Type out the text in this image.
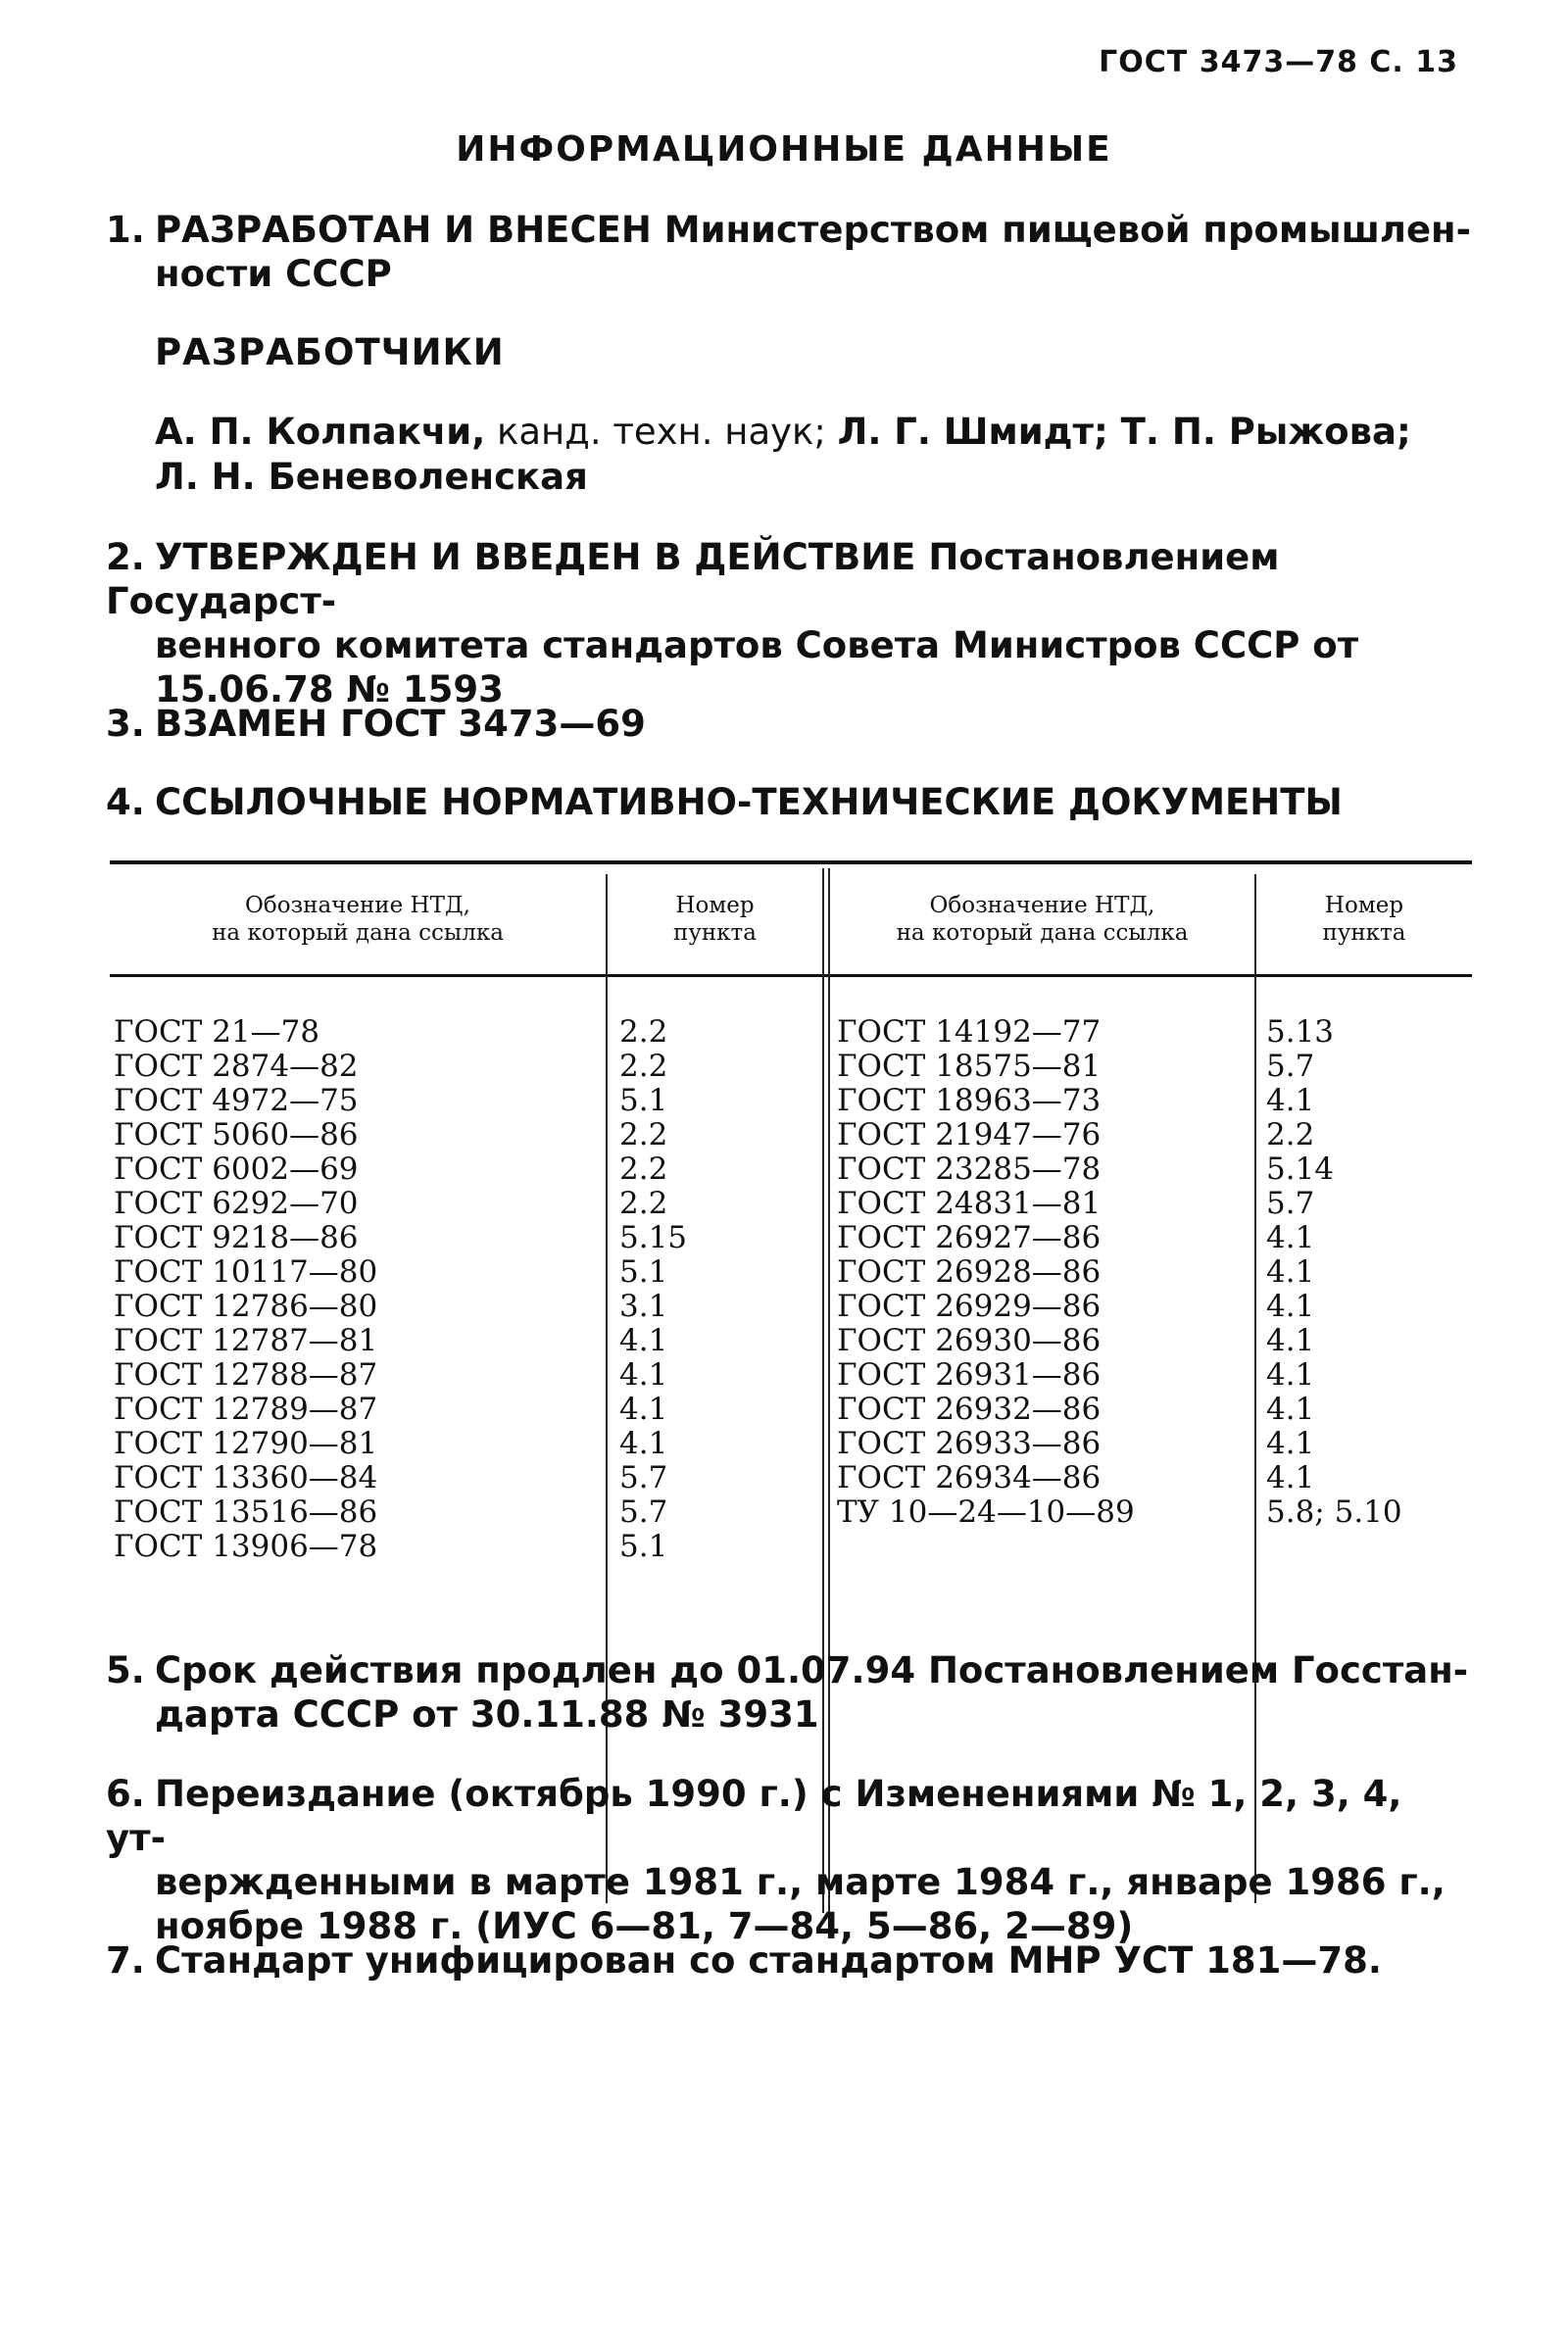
ГОСТ 3473—78 С. 13
ИНФОРМАЦИОННЫЕ ДАННЫЕ
1. РАЗРАБОТАН И ВНЕСЕН Министерством пищевой промышлен-
ности СССР
РАЗРАБОТЧИКИ
А. П. Колпакчи, канд. техн. наук; Л. Г. Шмидт; Т. П. Рыжова;
Л. Н. Беневоленская
2. УТВЕРЖДЕН И ВВЕДЕН В ДЕЙСТВИЕ Постановлением Государст-
венного комитета стандартов Совета Министров СССР от
15.06.78 № 1593
3. ВЗАМЕН ГОСТ 3473—69
4. ССЫЛОЧНЫЕ НОРМАТИВНО-ТЕХНИЧЕСКИЕ ДОКУМЕНТЫ
Обозначение НТД,
на который дана ссылка
Номер
пункта
Обозначение НТД,
на который дана ссылка
Номер
пункта
ГОСТ 21—78
ГОСТ 2874—82
ГОСТ 4972—75
ГОСТ 5060—86
ГОСТ 6002—69
ГОСТ 6292—70
ГОСТ 9218—86
ГОСТ 10117—80
ГОСТ 12786—80
ГОСТ 12787—81
ГОСТ 12788—87
ГОСТ 12789—87
ГОСТ 12790—81
ГОСТ 13360—84
ГОСТ 13516—86
ГОСТ 13906—78
2.2
2.2
5.1
2.2
2.2
2.2
5.15
5.1
3.1
4.1
4.1
4.1
4.1
5.7
5.7
5.1
ГОСТ 14192—77
ГОСТ 18575—81
ГОСТ 18963—73
ГОСТ 21947—76
ГОСТ 23285—78
ГОСТ 24831—81
ГОСТ 26927—86
ГОСТ 26928—86
ГОСТ 26929—86
ГОСТ 26930—86
ГОСТ 26931—86
ГОСТ 26932—86
ГОСТ 26933—86
ГОСТ 26934—86
ТУ 10—24—10—89
5.13
5.7
4.1
2.2
5.14
5.7
4.1
4.1
4.1
4.1
4.1
4.1
4.1
4.1
5.8; 5.10
5. Срок действия продлен до 01.07.94 Постановлением Госстан-
дарта СССР от 30.11.88 № 3931
6. Переиздание (октябрь 1990 г.) с Изменениями № 1, 2, 3, 4, ут-
вержденными в марте 1981 г., марте 1984 г., январе 1986 г.,
ноябре 1988 г. (ИУС 6—81, 7—84, 5—86, 2—89)
7. Стандарт унифицирован со стандартом МНР УСТ 181—78.
